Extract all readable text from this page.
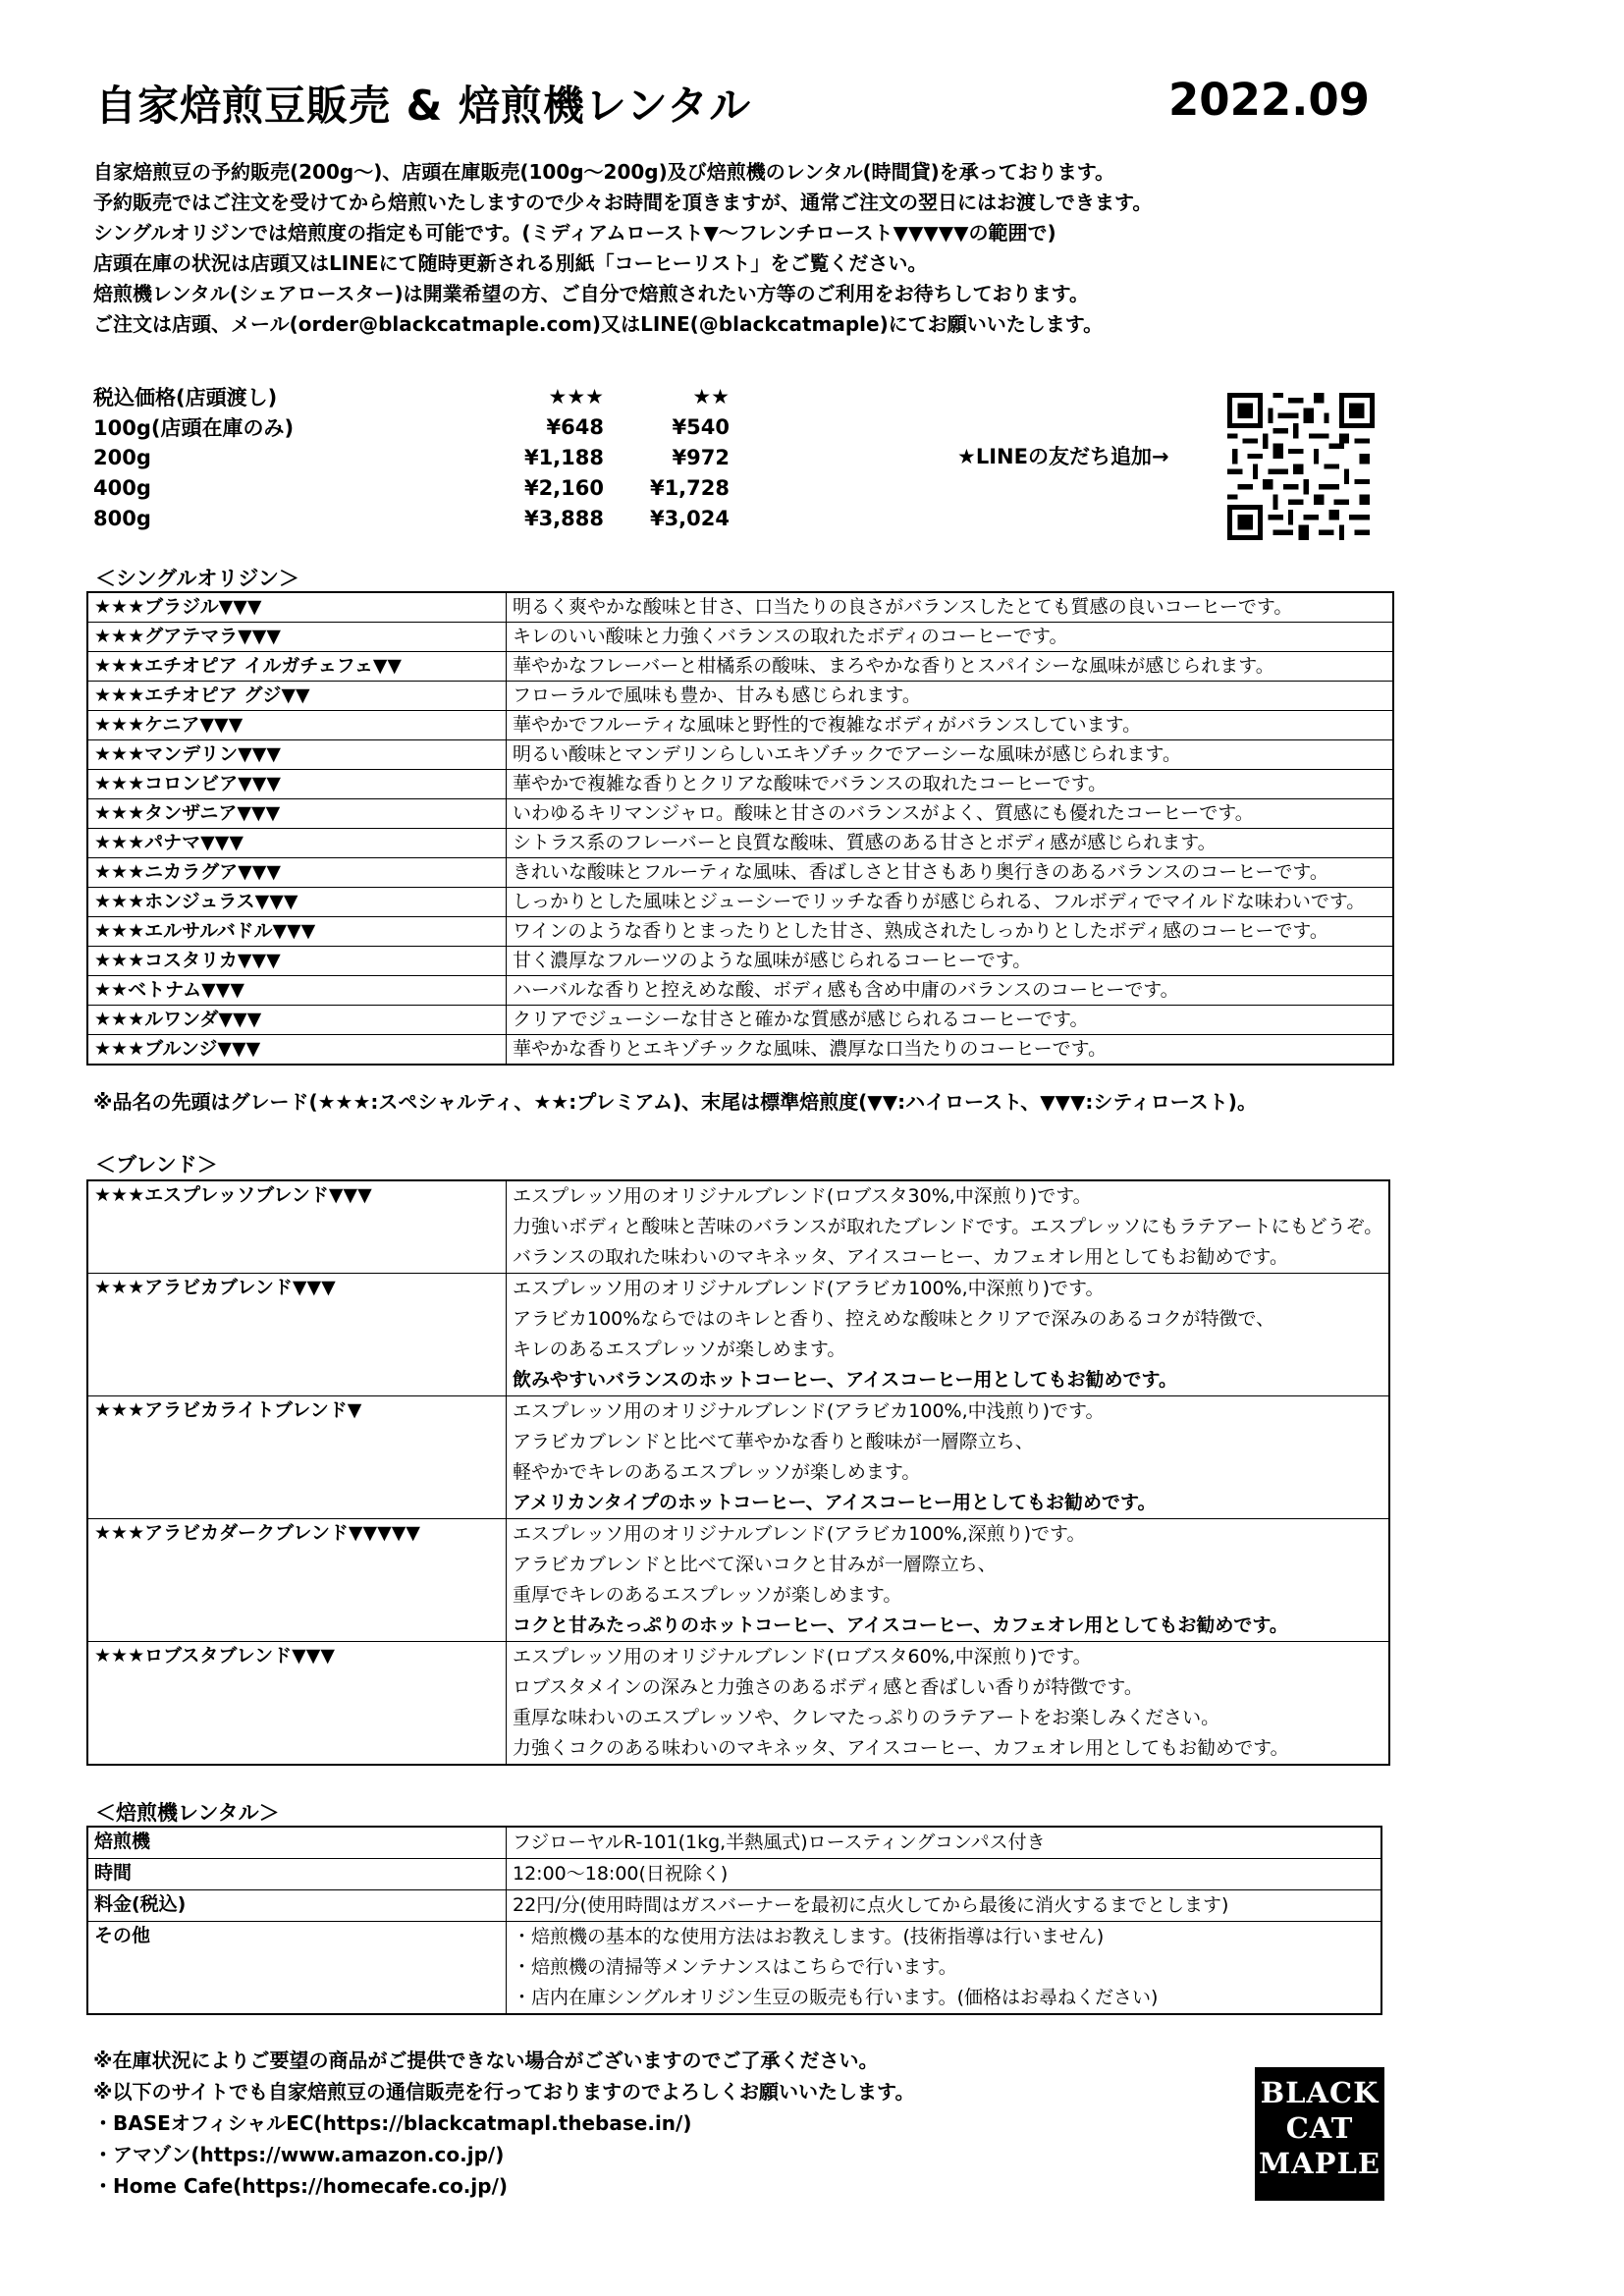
自家焙煎豆販売 & 焙煎機レンタル	2022.09
自家焙煎豆の予約販売(200g～)、店頭在庫販売(100g～200g)及び焙煎機のレンタル(時間貸)を承っております。
予約販売ではご注文を受けてから焙煎いたしますので少々お時間を頂きますが、通常ご注文の翌日にはお渡しできます。
シングルオリジンでは焙煎度の指定も可能です。(ミディアムロースト▼～フレンチロースト▼▼▼▼▼の範囲で)
店頭在庫の状況は店頭又はLINEにて随時更新される別紙「コーヒーリスト」をご覧ください。
焙煎機レンタル(シェアロースター)は開業希望の方、ご自分で焙煎されたい方等のご利用をお待ちしております。
ご注文は店頭、メール(order@blackcatmaple.com)又はLINE(@blackcatmaple)にてお願いいたします。
税込価格(店頭渡し)	★★★	★★
100g(店頭在庫のみ)	¥648	¥540
200g	¥1,188	¥972
400g	¥2,160	¥1,728
800g	¥3,888	¥3,024
★LINEの友だち追加→
＜シングルオリジン＞
★★★ブラジル▼▼▼	明るく爽やかな酸味と甘さ、口当たりの良さがバランスしたとても質感の良いコーヒーです。
★★★グアテマラ▼▼▼	キレのいい酸味と力強くバランスの取れたボディのコーヒーです。
★★★エチオピア イルガチェフェ▼▼	華やかなフレーバーと柑橘系の酸味、まろやかな香りとスパイシーな風味が感じられます。
★★★エチオピア グジ▼▼	フローラルで風味も豊か、甘みも感じられます。
★★★ケニア▼▼▼	華やかでフルーティな風味と野性的で複雑なボディがバランスしています。
★★★マンデリン▼▼▼	明るい酸味とマンデリンらしいエキゾチックでアーシーな風味が感じられます。
★★★コロンビア▼▼▼	華やかで複雑な香りとクリアな酸味でバランスの取れたコーヒーです。
★★★タンザニア▼▼▼	いわゆるキリマンジャロ。酸味と甘さのバランスがよく、質感にも優れたコーヒーです。
★★★パナマ▼▼▼	シトラス系のフレーバーと良質な酸味、質感のある甘さとボディ感が感じられます。
★★★ニカラグア▼▼▼	きれいな酸味とフルーティな風味、香ばしさと甘さもあり奥行きのあるバランスのコーヒーです。
★★★ホンジュラス▼▼▼	しっかりとした風味とジューシーでリッチな香りが感じられる、フルボディでマイルドな味わいです。
★★★エルサルバドル▼▼▼	ワインのような香りとまったりとした甘さ、熟成されたしっかりとしたボディ感のコーヒーです。
★★★コスタリカ▼▼▼	甘く濃厚なフルーツのような風味が感じられるコーヒーです。
★★ベトナム▼▼▼	ハーバルな香りと控えめな酸、ボディ感も含め中庸のバランスのコーヒーです。
★★★ルワンダ▼▼▼	クリアでジューシーな甘さと確かな質感が感じられるコーヒーです。
★★★ブルンジ▼▼▼	華やかな香りとエキゾチックな風味、濃厚な口当たりのコーヒーです。
※品名の先頭はグレード(★★★:スペシャルティ、★★:プレミアム)、末尾は標準焙煎度(▼▼:ハイロースト、▼▼▼:シティロースト)。
＜ブレンド＞
★★★エスプレッソブレンド▼▼▼	エスプレッソ用のオリジナルブレンド(ロブスタ30%,中深煎り)です。
力強いボディと酸味と苦味のバランスが取れたブレンドです。エスプレッソにもラテアートにもどうぞ。
バランスの取れた味わいのマキネッタ、アイスコーヒー、カフェオレ用としてもお勧めです。

★★★アラビカブレンド▼▼▼	エスプレッソ用のオリジナルブレンド(アラビカ100%,中深煎り)です。
アラビカ100%ならではのキレと香り、控えめな酸味とクリアで深みのあるコクが特徴で、
キレのあるエスプレッソが楽しめます。
飲みやすいバランスのホットコーヒー、アイスコーヒー用としてもお勧めです。

★★★アラビカライトブレンド▼	エスプレッソ用のオリジナルブレンド(アラビカ100%,中浅煎り)です。
アラビカブレンドと比べて華やかな香りと酸味が一層際立ち、
軽やかでキレのあるエスプレッソが楽しめます。
アメリカンタイプのホットコーヒー、アイスコーヒー用としてもお勧めです。

★★★アラビカダークブレンド▼▼▼▼▼	エスプレッソ用のオリジナルブレンド(アラビカ100%,深煎り)です。
アラビカブレンドと比べて深いコクと甘みが一層際立ち、
重厚でキレのあるエスプレッソが楽しめます。
コクと甘みたっぷりのホットコーヒー、アイスコーヒー、カフェオレ用としてもお勧めです。

★★★ロブスタブレンド▼▼▼	エスプレッソ用のオリジナルブレンド(ロブスタ60%,中深煎り)です。
ロブスタメインの深みと力強さのあるボディ感と香ばしい香りが特徴です。
重厚な味わいのエスプレッソや、クレマたっぷりのラテアートをお楽しみください。
力強くコクのある味わいのマキネッタ、アイスコーヒー、カフェオレ用としてもお勧めです。
＜焙煎機レンタル＞
焙煎機	フジローヤルR-101(1kg,半熱風式)ロースティングコンパス付き

時間	12:00～18:00(日祝除く)

料金(税込)	22円/分(使用時間はガスバーナーを最初に点火してから最後に消火するまでとします)

その他	・焙煎機の基本的な使用方法はお教えします。(技術指導は行いません)
・焙煎機の清掃等メンテナンスはこちらで行います。
・店内在庫シングルオリジン生豆の販売も行います。(価格はお尋ねください)
※在庫状況によりご要望の商品がご提供できない場合がございますのでご了承ください。
※以下のサイトでも自家焙煎豆の通信販売を行っておりますのでよろしくお願いいたします。
・BASEオフィシャルEC(https://blackcatmapl.thebase.in/)
・アマゾン(https://www.amazon.co.jp/)
・Home Cafe(https://homecafe.co.jp/)
BLACK
CAT
MAPLE
